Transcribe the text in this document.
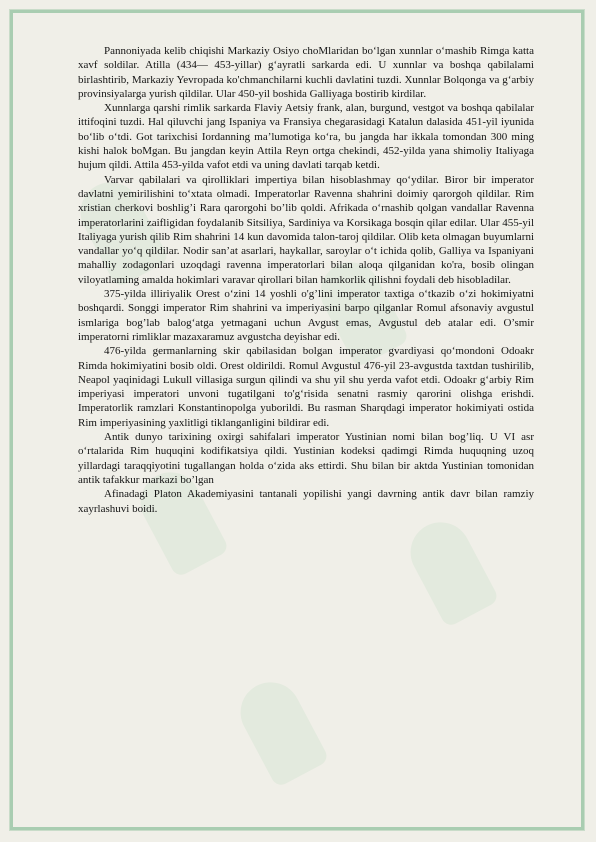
Pannoniyada kelib chiqishi Markaziy Osiyo choMlaridan bo‘lgan xunnlar o‘mashib Rimga katta xavf soldilar. Atilla (434— 453-yillar) g‘ayratli sarkarda edi. U xunnlar va boshqa qabilalami birlashtirib, Markaziy Yevropada ko'chmanchilarni kuchli davlatini tuzdi. Xunnlar Bolqonga va g‘arbiy provinsiyalarga yurish qildilar. Ular 450-yil boshida Galliyaga bostirib kirdilar.

Xunnlarga qarshi rimlik sarkarda Flaviy Aetsiy frank, alan, burgund, vestgot va boshqa qabilalar ittifoqini tuzdi. Hal qiluvchi jang Ispaniya va Fransiya chegarasidagi Katalun dalasida 451-yil iyunida bo‘lib o‘tdi. Got tarixchisi Iordanning ma’lumotiga ko‘ra, bu jangda har ikkala tomondan 300 ming kishi halok boMgan. Bu jangdan keyin Attila Reyn ortga chekindi, 452-yilda yana shimoliy Italiyaga hujum qildi. Attila 453-yilda vafot etdi va uning davlati tarqab ketdi.

Varvar qabilalari va qirolliklari impertiya bilan hisoblashmay qo‘ydilar. Biror bir imperator davlatni yemirilishini to‘xtata olmadi. Imperatorlar Ravenna shahrini doimiy qarorgoh qildilar. Rim xristian cherkovi boshlig’i Rara qarorgohi bo’lib qoldi. Afrikada o‘rnashib qolgan vandallar Ravenna imperatorlarini zaifligidan foydalanib Sitsiliya, Sardiniya va Korsikaga bosqin qilar edilar. Ular 455-yil Italiyaga yurish qilib Rim shahrini 14 kun davomida talon-taroj qildilar. Olib keta olmagan buyumlarni vandallar yo‘q qildilar. Nodir san’at asarlari, haykallar, saroylar o‘t ichida qolib, Galliya va Ispaniyani mahalliy zodagonlari uzoqdagi ravenna imperatorlari bilan aloqa qilganidan ko'ra, bosib olingan viloyatlaming amalda hokimlari varavar qirollari bilan hamkorlik qilishni foydali deb hisobladilar.

375-yilda illiriyalik Orest o‘zini 14 yoshli o'g’lini imperator taxtiga o‘tkazib o‘zi hokimiyatni boshqardi. Songgi imperator Rim shahrini va imperiyasini barpo qilganlar Romul afsonaviy avgustul ismlariga bog’lab balog‘atga yetmagani uchun Avgust emas, Avgustul deb atalar edi. O’smir imperatorni rimliklar mazaxaramuz avgustcha deyishar edi.

476-yilda germanlarning skir qabilasidan bolgan imperator gvardiyasi qo‘mondoni Odoakr Rimda hokimiyatini bosib oldi. Orest oldirildi. Romul Avgustul 476-yil 23-avgustda taxtdan tushirilib, Neapol yaqinidagi Lukull villasiga surgun qilindi va shu yil shu yerda vafot etdi. Odoakr g‘arbiy Rim imperiyasi imperatori unvoni tugatilgani to'g‘risida senatni rasmiy qarorini olishga erishdi. Imperatorlik ramzlari Konstantinopolga yuborildi. Bu rasman Sharqdagi imperator hokimiyati ostida Rim imperiyasining yaxlitligi tiklanganligini bildirar edi.

Antik dunyo tarixining oxirgi sahifalari imperator Yustinian nomi bilan bog’liq. U VI asr o‘rtalarida Rim huquqini kodifikatsiya qildi. Yustinian kodeksi qadimgi Rimda huquqning uzoq yillardagi taraqqiyotini tugallangan holda o‘zida aks ettirdi. Shu bilan bir aktda Yustinian tomonidan antik tafakkur markazi bo’lgan

Afinadagi Platon Akademiyasini tantanali yopilishi yangi davrning antik davr bilan ramziy xayrlashuvi boidi.
